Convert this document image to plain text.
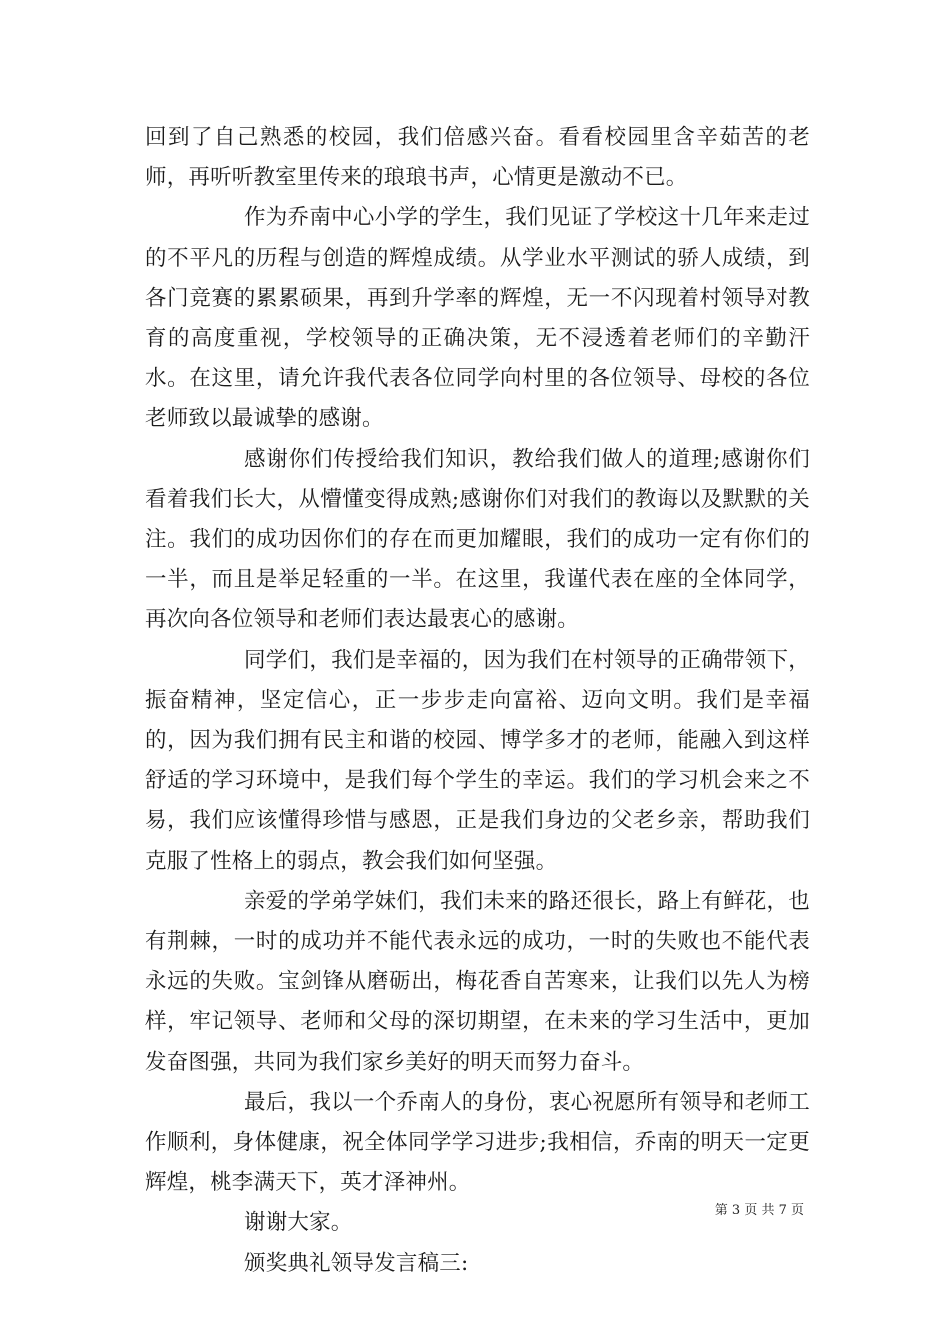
回到了自己熟悉的校园，我们倍感兴奋。看看校园里含辛茹苦的老师，再听听教室里传来的琅琅书声，心情更是激动不已。

作为乔南中心小学的学生，我们见证了学校这十几年来走过的不平凡的历程与创造的辉煌成绩。从学业水平测试的骄人成绩，到各门竞赛的累累硕果，再到升学率的辉煌，无一不闪现着村领导对教育的高度重视，学校领导的正确决策，无不浸透着老师们的辛勤汗水。在这里，请允许我代表各位同学向村里的各位领导、母校的各位老师致以最诚挚的感谢。

感谢你们传授给我们知识，教给我们做人的道理;感谢你们看着我们长大，从懵懂变得成熟;感谢你们对我们的教诲以及默默的关注。我们的成功因你们的存在而更加耀眼，我们的成功一定有你们的一半，而且是举足轻重的一半。在这里，我谨代表在座的全体同学，再次向各位领导和老师们表达最衷心的感谢。

同学们，我们是幸福的，因为我们在村领导的正确带领下，振奋精神，坚定信心，正一步步走向富裕、迈向文明。我们是幸福的，因为我们拥有民主和谐的校园、博学多才的老师，能融入到这样舒适的学习环境中，是我们每个学生的幸运。我们的学习机会来之不易，我们应该懂得珍惜与感恩，正是我们身边的父老乡亲，帮助我们克服了性格上的弱点，教会我们如何坚强。

亲爱的学弟学妹们，我们未来的路还很长，路上有鲜花，也有荆棘，一时的成功并不能代表永远的成功，一时的失败也不能代表永远的失败。宝剑锋从磨砺出，梅花香自苦寒来，让我们以先人为榜样，牢记领导、老师和父母的深切期望，在未来的学习生活中，更加发奋图强，共同为我们家乡美好的明天而努力奋斗。

最后，我以一个乔南人的身份，衷心祝愿所有领导和老师工作顺利，身体健康，祝全体同学学习进步;我相信，乔南的明天一定更辉煌，桃李满天下，英才泽神州。

谢谢大家。

颁奖典礼领导发言稿三:

第 3 页 共 7 页
